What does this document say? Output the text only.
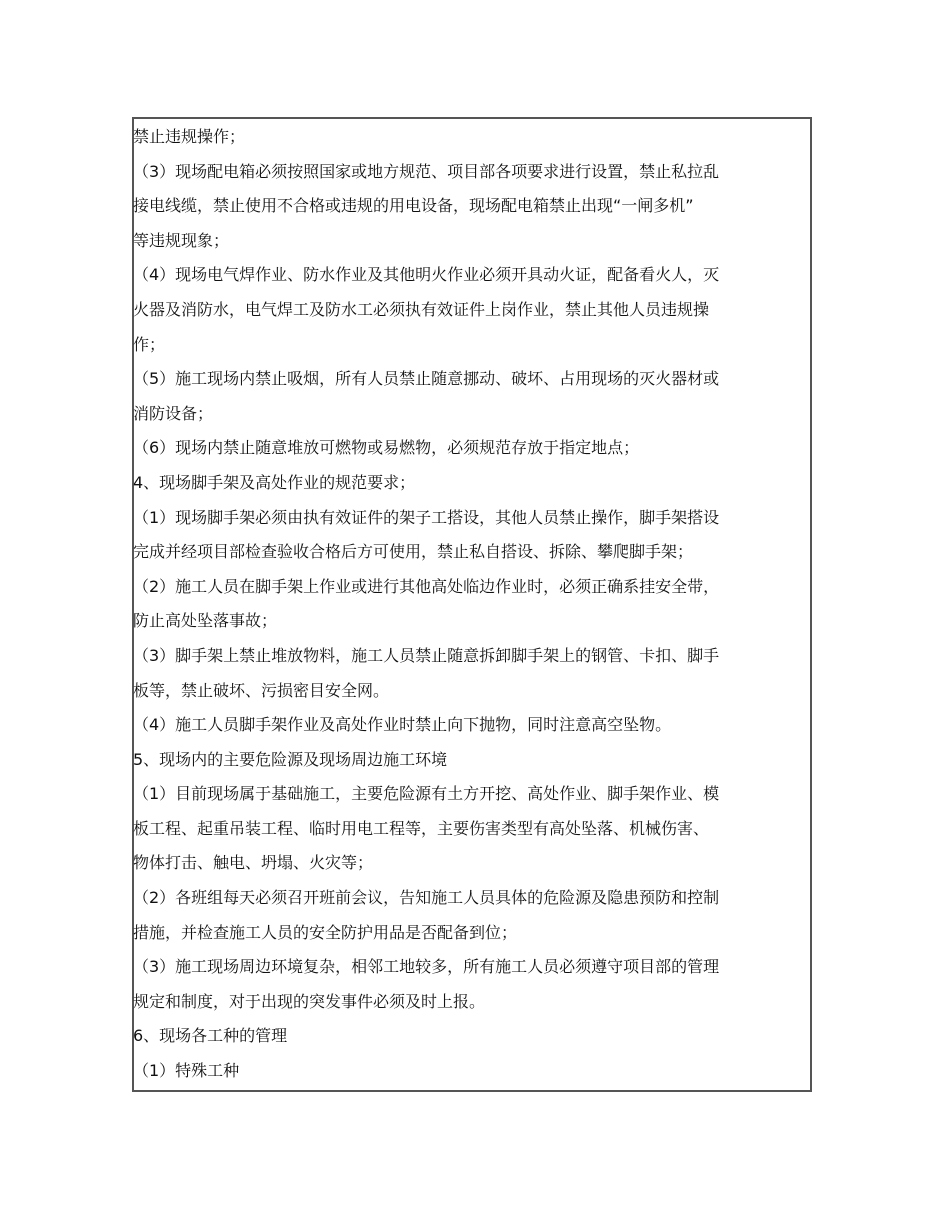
禁止违规操作；
（3）现场配电箱必须按照国家或地方规范、项目部各项要求进行设置，禁止私拉乱
接电线缆，禁止使用不合格或违规的用电设备，现场配电箱禁止出现“一闸多机”
等违规现象；
（4）现场电气焊作业、防水作业及其他明火作业必须开具动火证，配备看火人，灭
火器及消防水，电气焊工及防水工必须执有效证件上岗作业，禁止其他人员违规操
作；
（5）施工现场内禁止吸烟，所有人员禁止随意挪动、破坏、占用现场的灭火器材或
消防设备；
（6）现场内禁止随意堆放可燃物或易燃物，必须规范存放于指定地点；
4、现场脚手架及高处作业的规范要求；
（1）现场脚手架必须由执有效证件的架子工搭设，其他人员禁止操作，脚手架搭设
完成并经项目部检查验收合格后方可使用，禁止私自搭设、拆除、攀爬脚手架；
（2）施工人员在脚手架上作业或进行其他高处临边作业时，必须正确系挂安全带，
防止高处坠落事故；
（3）脚手架上禁止堆放物料，施工人员禁止随意拆卸脚手架上的钢管、卡扣、脚手
板等，禁止破坏、污损密目安全网。
（4）施工人员脚手架作业及高处作业时禁止向下抛物，同时注意高空坠物。
5、现场内的主要危险源及现场周边施工环境
（1）目前现场属于基础施工，主要危险源有土方开挖、高处作业、脚手架作业、模
板工程、起重吊装工程、临时用电工程等，主要伤害类型有高处坠落、机械伤害、
物体打击、触电、坍塌、火灾等；
（2）各班组每天必须召开班前会议，告知施工人员具体的危险源及隐患预防和控制
措施，并检查施工人员的安全防护用品是否配备到位；
（3）施工现场周边环境复杂，相邻工地较多，所有施工人员必须遵守项目部的管理
规定和制度，对于出现的突发事件必须及时上报。
6、现场各工种的管理
（1）特殊工种
